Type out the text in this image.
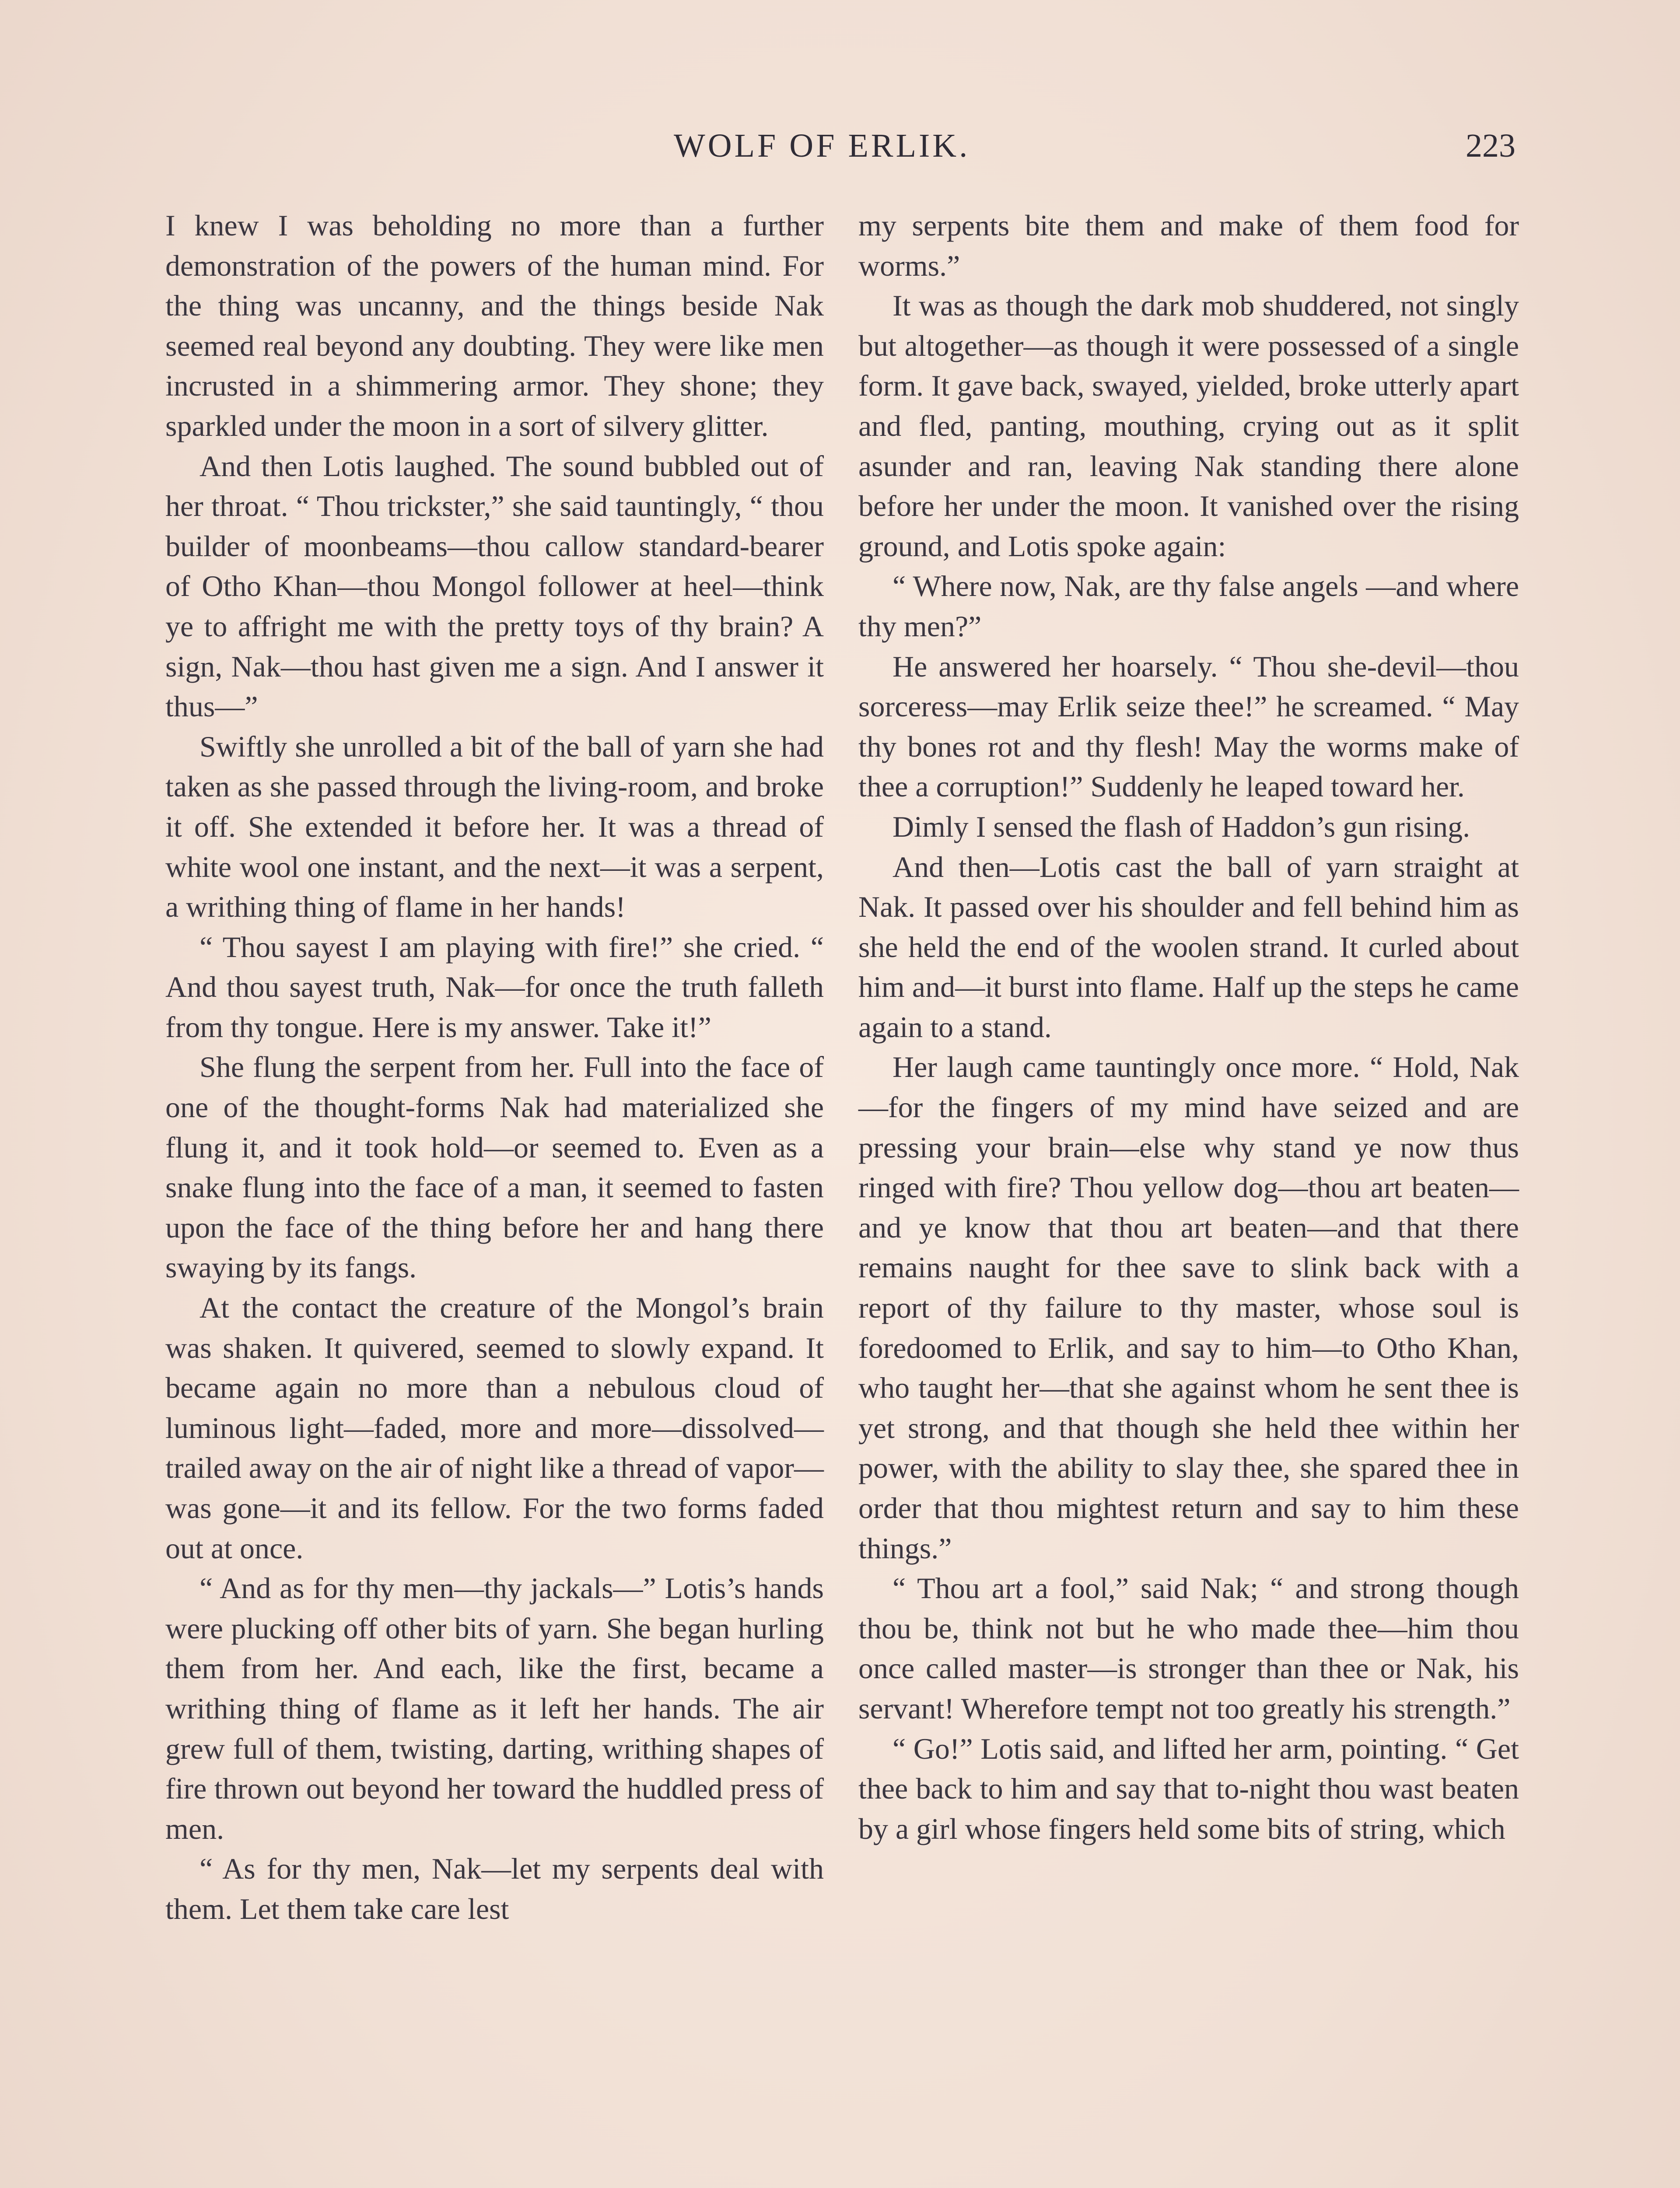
WOLF OF ERLIK.	223

I knew I was beholding no more than a further demonstration of the powers of the human mind. For the thing was uncanny, and the things beside Nak seemed real beyond any doubting. They were like men incrusted in a shimmering armor. They shone; they sparkled under the moon in a sort of silvery glitter.

And then Lotis laughed. The sound bubbled out of her throat. “ Thou trickster,” she said tauntingly, “ thou builder of moonbeams—thou callow standard-bearer of Otho Khan—thou Mongol follower at heel—think ye to affright me with the pretty toys of thy brain? A sign, Nak—thou hast given me a sign. And I answer it thus—”

Swiftly she unrolled a bit of the ball of yarn she had taken as she passed through the living-room, and broke it off. She extended it before her. It was a thread of white wool one instant, and the next—it was a serpent, a writhing thing of flame in her hands!

“ Thou sayest I am playing with fire!” she cried. “ And thou sayest truth, Nak—for once the truth falleth from thy tongue. Here is my answer. Take it!”

She flung the serpent from her. Full into the face of one of the thought-forms Nak had materialized she flung it, and it took hold—or seemed to. Even as a snake flung into the face of a man, it seemed to fasten upon the face of the thing before her and hang there swaying by its fangs.

At the contact the creature of the Mongol’s brain was shaken. It quivered, seemed to slowly expand. It became again no more than a nebulous cloud of luminous light—faded, more and more—dissolved—trailed away on the air of night like a thread of vapor—was gone—it and its fellow. For the two forms faded out at once.

“ And as for thy men—thy jackals—” Lotis’s hands were plucking off other bits of yarn. She began hurling them from her. And each, like the first, became a writhing thing of flame as it left her hands. The air grew full of them, twisting, darting, writhing shapes of fire thrown out beyond her toward the huddled press of men.

“ As for thy men, Nak—let my serpents deal with them. Let them take care lest

my serpents bite them and make of them food for worms.”

It was as though the dark mob shuddered, not singly but altogether—as though it were possessed of a single form. It gave back, swayed, yielded, broke utterly apart and fled, panting, mouthing, crying out as it split asunder and ran, leaving Nak standing there alone before her under the moon. It vanished over the rising ground, and Lotis spoke again:

“ Where now, Nak, are thy false angels —and where thy men?”

He answered her hoarsely. “ Thou she-devil—thou sorceress—may Erlik seize thee!” he screamed. “ May thy bones rot and thy flesh! May the worms make of thee a corruption!” Suddenly he leaped toward her.

Dimly I sensed the flash of Haddon’s gun rising.

And then—Lotis cast the ball of yarn straight at Nak. It passed over his shoulder and fell behind him as she held the end of the woolen strand. It curled about him and—it burst into flame. Half up the steps he came again to a stand.

Her laugh came tauntingly once more. “ Hold, Nak—for the fingers of my mind have seized and are pressing your brain—else why stand ye now thus ringed with fire? Thou yellow dog—thou art beaten—and ye know that thou art beaten—and that there remains naught for thee save to slink back with a report of thy failure to thy master, whose soul is foredoomed to Erlik, and say to him—to Otho Khan, who taught her—that she against whom he sent thee is yet strong, and that though she held thee within her power, with the ability to slay thee, she spared thee in order that thou mightest return and say to him these things.”

“ Thou art a fool,” said Nak; “ and strong though thou be, think not but he who made thee—him thou once called master—is stronger than thee or Nak, his servant! Wherefore tempt not too greatly his strength.”

“ Go!” Lotis said, and lifted her arm, pointing. “ Get thee back to him and say that to-night thou wast beaten by a girl whose fingers held some bits of string, which
